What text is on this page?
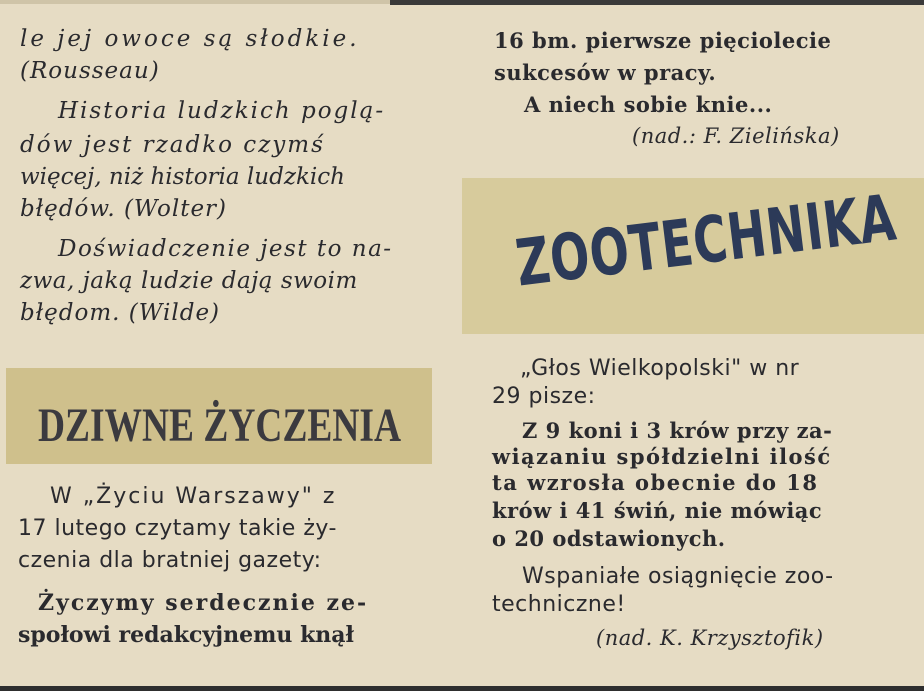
le jej owoce są słodkie.
(Rousseau)
Historia ludzkich poglą-
dów jest rzadko czymś
więcej, niż historia ludzkich
błędów. (Wolter)
Doświadczenie jest to na-
zwa, jaką ludzie dają swoim
błędom. (Wilde)
DZIWNE ŻYCZENIA
W „Życiu Warszawy" z
17 lutego czytamy takie ży-
czenia dla bratniej gazety:
Życzymy serdecznie ze-
społowi redakcyjnemu knął
16 bm. pierwsze pięciolecie
sukcesów w pracy.
A niech sobie knie...
(nad.: F. Zielińska)
ZOOTECHNIKA
„Głos Wielkopolski" w nr
29 pisze:
Z 9 koni i 3 krów przy za-
wiązaniu spółdzielni ilość
ta wzrosła obecnie do 18
krów i 41 świń, nie mówiąc
o 20 odstawionych.
Wspaniałe osiągnięcie zoo-
techniczne!
(nad. K. Krzysztofik)
